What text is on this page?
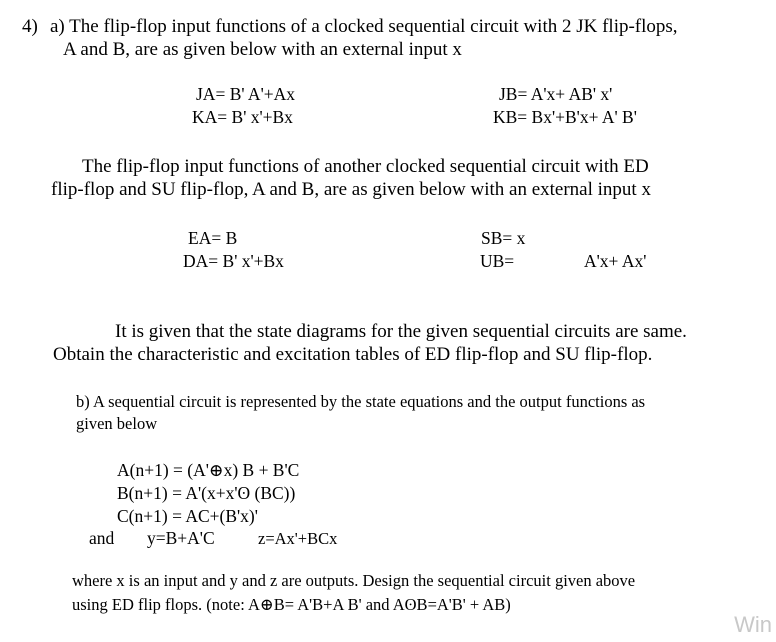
4) a) The flip-flop input functions of a clocked sequential circuit with 2 JK flip-flops,
A and B, are as given below with an external input x
JA= B' A'+Ax	JB= A'x+ AB' x'
KA= B' x'+Bx	KB= Bx'+B'x+ A' B'
The flip-flop input functions of another clocked sequential circuit with ED
flip-flop and SU flip-flop, A and B, are as given below with an external input x
EA= B	SB= x
DA= B' x'+Bx	UB=	A'x+ Ax'
It is given that the state diagrams for the given sequential circuits are same.
Obtain the characteristic and excitation tables of ED flip-flop and SU flip-flop.
b) A sequential circuit is represented by the state equations and the output functions as
given below
A(n+1) = (A'⊕x) B + B'C
B(n+1) = A'(x+x'ʘ (BC))
C(n+1) = AC+(B'x)'
and y=B+A'C	z=Ax'+BCx
where x is an input and y and z are outputs. Design the sequential circuit given above
using ED flip flops. (note: A⊕B= A'B+A B' and AʘB=A'B' + AB)
Win
